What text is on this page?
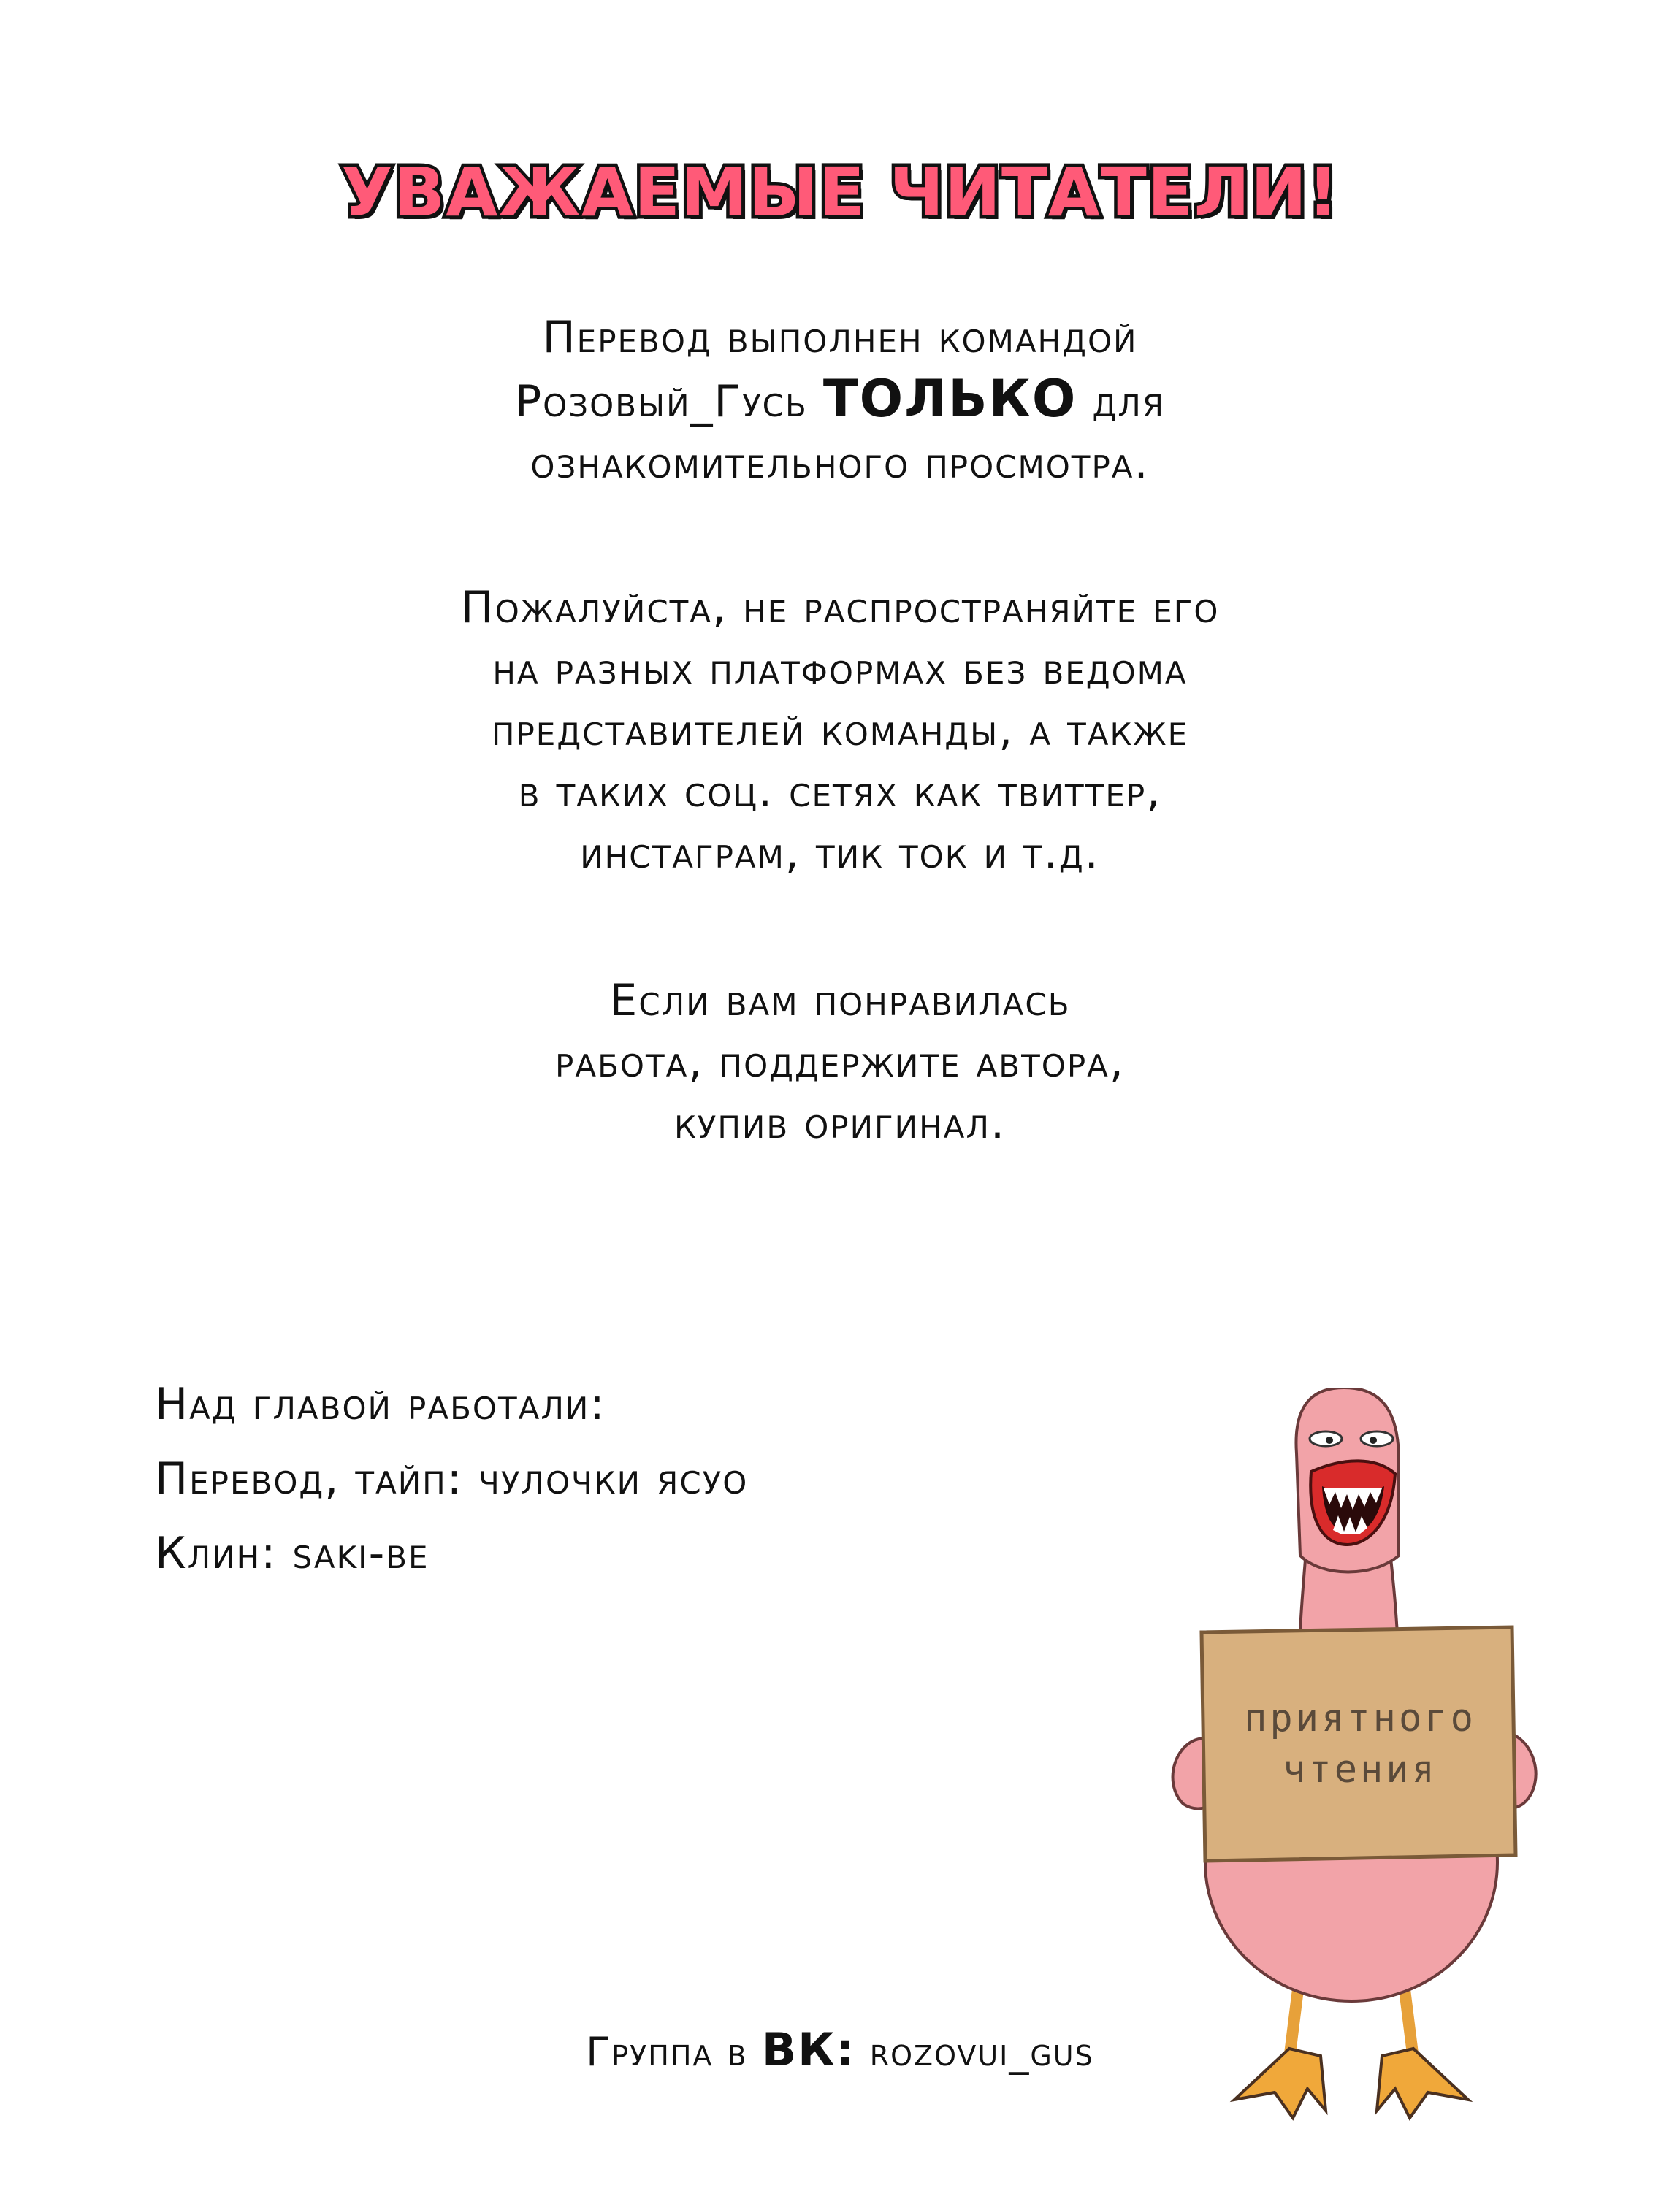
УВАЖАЕМЫЕ ЧИТАТЕЛИ!
Перевод выполнен командой
Розовый_Гусь ТОЛЬКО для
ознакомительного просмотра.
Пожалуйста, не распространяйте его
на разных платформах без ведома
представителей команды, а также
в таких соц. сетях как твиттер,
инстаграм, тик ток и т.д.
Если вам понравилась
работа, поддержите автора,
купив оригинал.
Над главой работали:
Перевод, тайп: чулочки ясуо
Клин: saki-be
приятного
чтения
Группа в ВК: rozovui_gus
